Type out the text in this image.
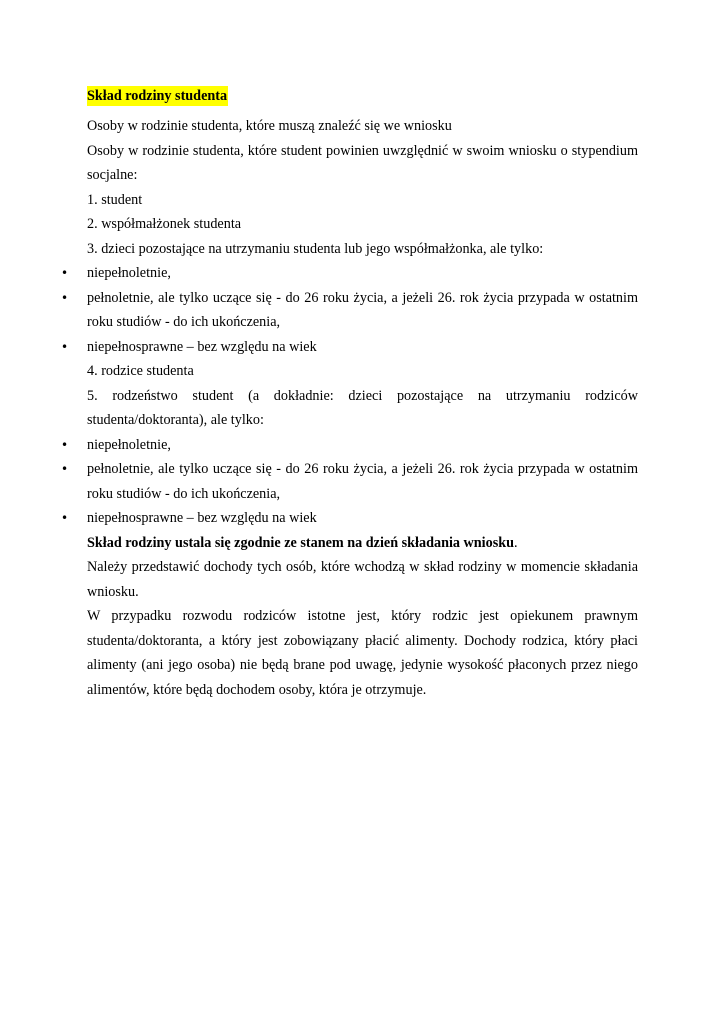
Skład rodziny studenta

Osoby w rodzinie studenta, które muszą znaleźć się we wniosku

Osoby w rodzinie studenta, które student powinien uwzględnić w swoim wniosku o stypendium socjalne:

1. student

2. współmałżonek studenta

3. dzieci pozostające na utrzymaniu studenta lub jego współmałżonka, ale tylko:

• niepełnoletnie,

• pełnoletnie, ale tylko uczące się - do 26 roku życia, a jeżeli 26. rok życia przypada w ostatnim roku studiów - do ich ukończenia,

• niepełnosprawne – bez względu na wiek

4. rodzice studenta

5. rodzeństwo student (a dokładnie: dzieci pozostające na utrzymaniu rodziców studenta/doktoranta), ale tylko:

• niepełnoletnie,

• pełnoletnie, ale tylko uczące się - do 26 roku życia, a jeżeli 26. rok życia przypada w ostatnim roku studiów - do ich ukończenia,

• niepełnosprawne – bez względu na wiek

Skład rodziny ustala się zgodnie ze stanem na dzień składania wniosku.

Należy przedstawić dochody tych osób, które wchodzą w skład rodziny w momencie składania wniosku.

W przypadku rozwodu rodziców istotne jest, który rodzic jest opiekunem prawnym studenta/doktoranta, a który jest zobowiązany płacić alimenty. Dochody rodzica, który płaci alimenty (ani jego osoba) nie będą brane pod uwagę, jedynie wysokość płaconych przez niego alimentów, które będą dochodem osoby, która je otrzymuje.
